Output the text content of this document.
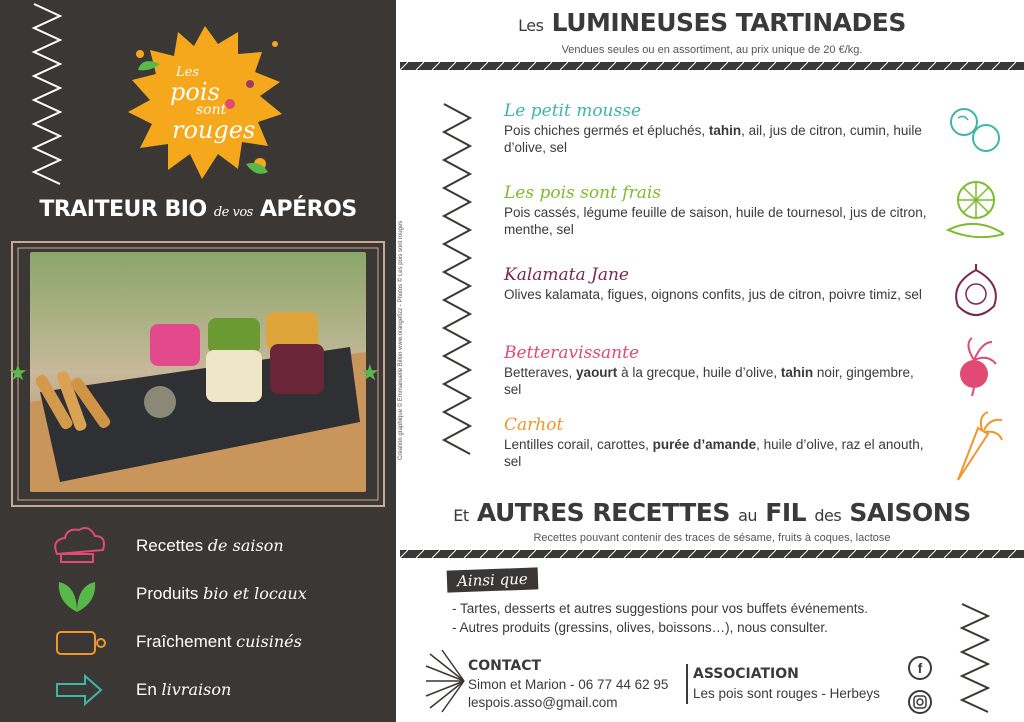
Les
pois
sont
rouges
TRAITEUR BIO de vos APÉROS
★	★
Recettes de saison
Produits bio et locaux
Fraîchement cuisinés
En livraison
Création graphique © Emmanuelle Billon www.orangefizz - Photos © Les pois sont rouges
Les LUMINEUSES TARTINADES
Vendues seules ou en assortiment, au prix unique de 20 €/kg.
Le petit mousse
Pois chiches germés et épluchés, tahin, ail, jus de citron, cumin, huile d’olive, sel
Les pois sont frais
Pois cassés, légume feuille de saison, huile de tournesol, jus de citron, menthe, sel
Kalamata Jane
Olives kalamata, figues, oignons confits, jus de citron, poivre timiz, sel
Betteravissante
Betteraves, yaourt à la grecque, huile d’olive, tahin noir, gingembre, sel
Carhot
Lentilles corail, carottes, purée d’amande, huile d’olive, raz el anouth, sel
Et AUTRES RECETTES au FIL des SAISONS
Recettes pouvant contenir des traces de sésame, fruits à coques, lactose
Ainsi que
- Tartes, desserts et autres suggestions pour vos buffets événements.
- Autres produits (gressins, olives, boissons…), nous consulter.
CONTACT
Simon et Marion - 06 77 44 62 95
lespois.asso@gmail.com
ASSOCIATION
Les pois sont rouges - Herbeys
f
